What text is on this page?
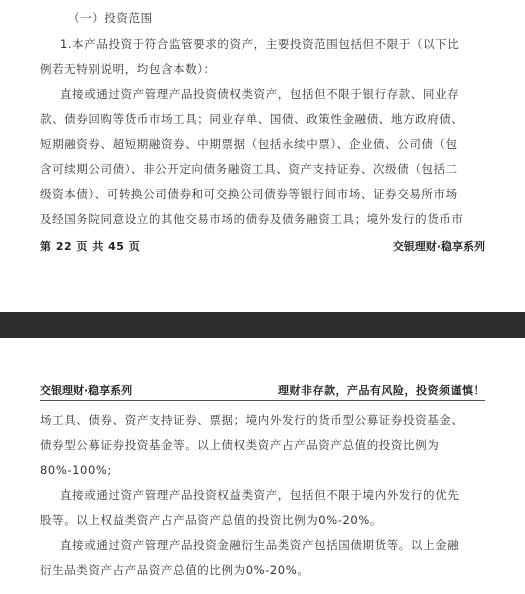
（一）投资范围
1.本产品投资于符合监管要求的资产，主要投资范围包括但不限于（以下比
例若无特别说明，均包含本数）：
直接或通过资产管理产品投资债权类资产，包括但不限于银行存款、同业存
款、债券回购等货币市场工具；同业存单、国债、政策性金融债、地方政府债、
短期融资券、超短期融资券、中期票据（包括永续中票）、企业债、公司债（包
含可续期公司债）、非公开定向债务融资工具、资产支持证券、次级债（包括二
级资本债）、可转换公司债券和可交换公司债券等银行间市场、证券交易所市场
及经国务院同意设立的其他交易市场的债券及债务融资工具；境外发行的货币市
第 22 页 共 45 页	交银理财·稳享系列
交银理财·稳享系列	理财非存款，产品有风险，投资须谨慎！
场工具、债券、资产支持证券、票据；境内外发行的货币型公募证券投资基金、
债券型公募证券投资基金等。以上债权类资产占产品资产总值的投资比例为
80%-100%;
直接或通过资产管理产品投资权益类资产，包括但不限于境内外发行的优先
股等。以上权益类资产占产品资产总值的投资比例为0%-20%。
直接或通过资产管理产品投资金融衍生品类资产包括国债期货等。以上金融
衍生品类资产占产品资产总值的比例为0%-20%。
